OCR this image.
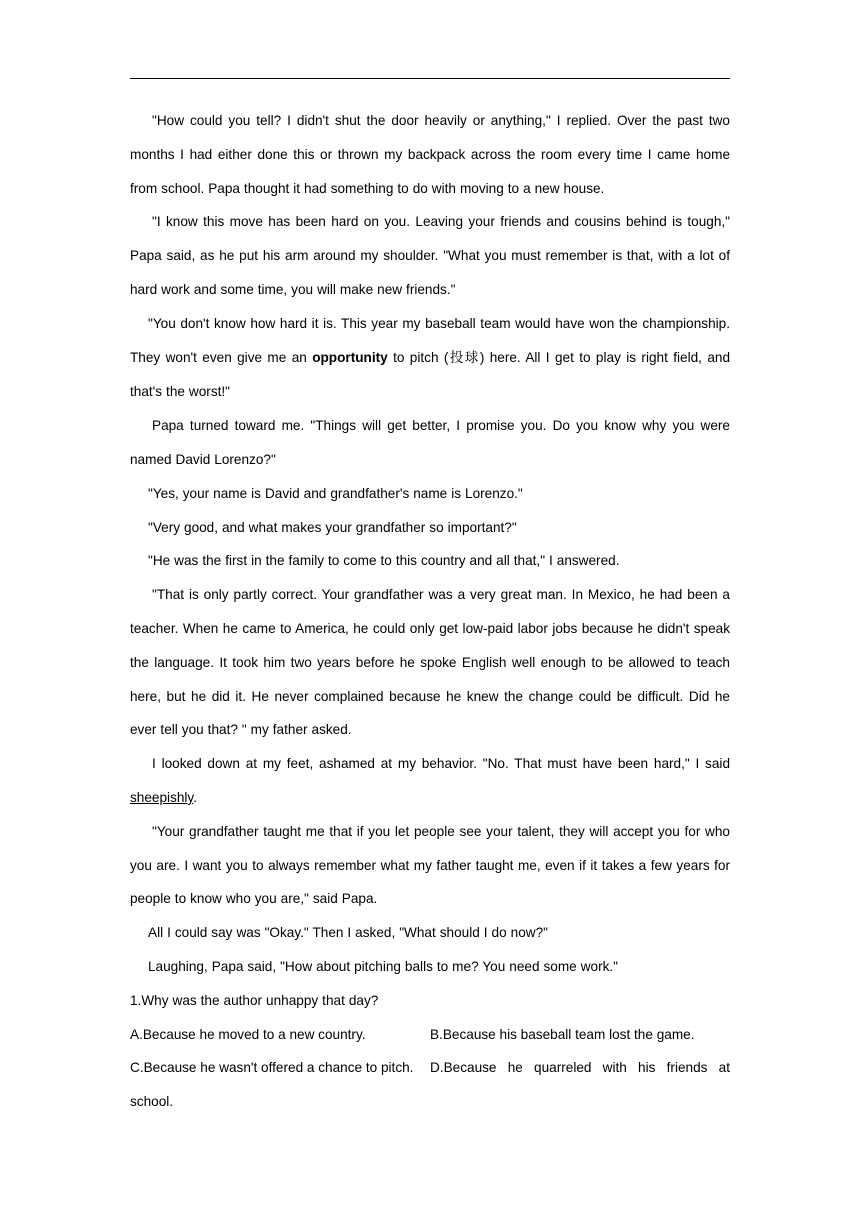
"How could you tell? I didn't shut the door heavily or anything," I replied. Over the past two months I had either done this or thrown my backpack across the room every time I came home from school. Papa thought it had something to do with moving to a new house.

"I know this move has been hard on you. Leaving your friends and cousins behind is tough," Papa said, as he put his arm around my shoulder. "What you must remember is that, with a lot of hard work and some time, you will make new friends."

"You don't know how hard it is. This year my baseball team would have won the championship. They won't even give me an opportunity to pitch (投球) here. All I get to play is right field, and that's the worst!"

Papa turned toward me. "Things will get better, I promise you. Do you know why you were named David Lorenzo?"

"Yes, your name is David and grandfather's name is Lorenzo."

"Very good, and what makes your grandfather so important?"

"He was the first in the family to come to this country and all that," I answered.

"That is only partly correct. Your grandfather was a very great man. In Mexico, he had been a teacher. When he came to America, he could only get low-paid labor jobs because he didn't speak the language. It took him two years before he spoke English well enough to be allowed to teach here, but he did it. He never complained because he knew the change could be difficult. Did he ever tell you that? " my father asked.

I looked down at my feet, ashamed at my behavior. "No. That must have been hard," I said sheepishly.

"Your grandfather taught me that if you let people see your talent, they will accept you for who you are. I want you to always remember what my father taught me, even if it takes a few years for people to know who you are," said Papa.

All I could say was "Okay." Then I asked, "What should I do now?"

Laughing, Papa said, "How about pitching balls to me? You need some work."

1.Why was the author unhappy that day?

A.Because he moved to a new country.	B.Because his baseball team lost the game.
C.Because he wasn't offered a chance to pitch.	D.Because he quarreled with his friends at
school.
